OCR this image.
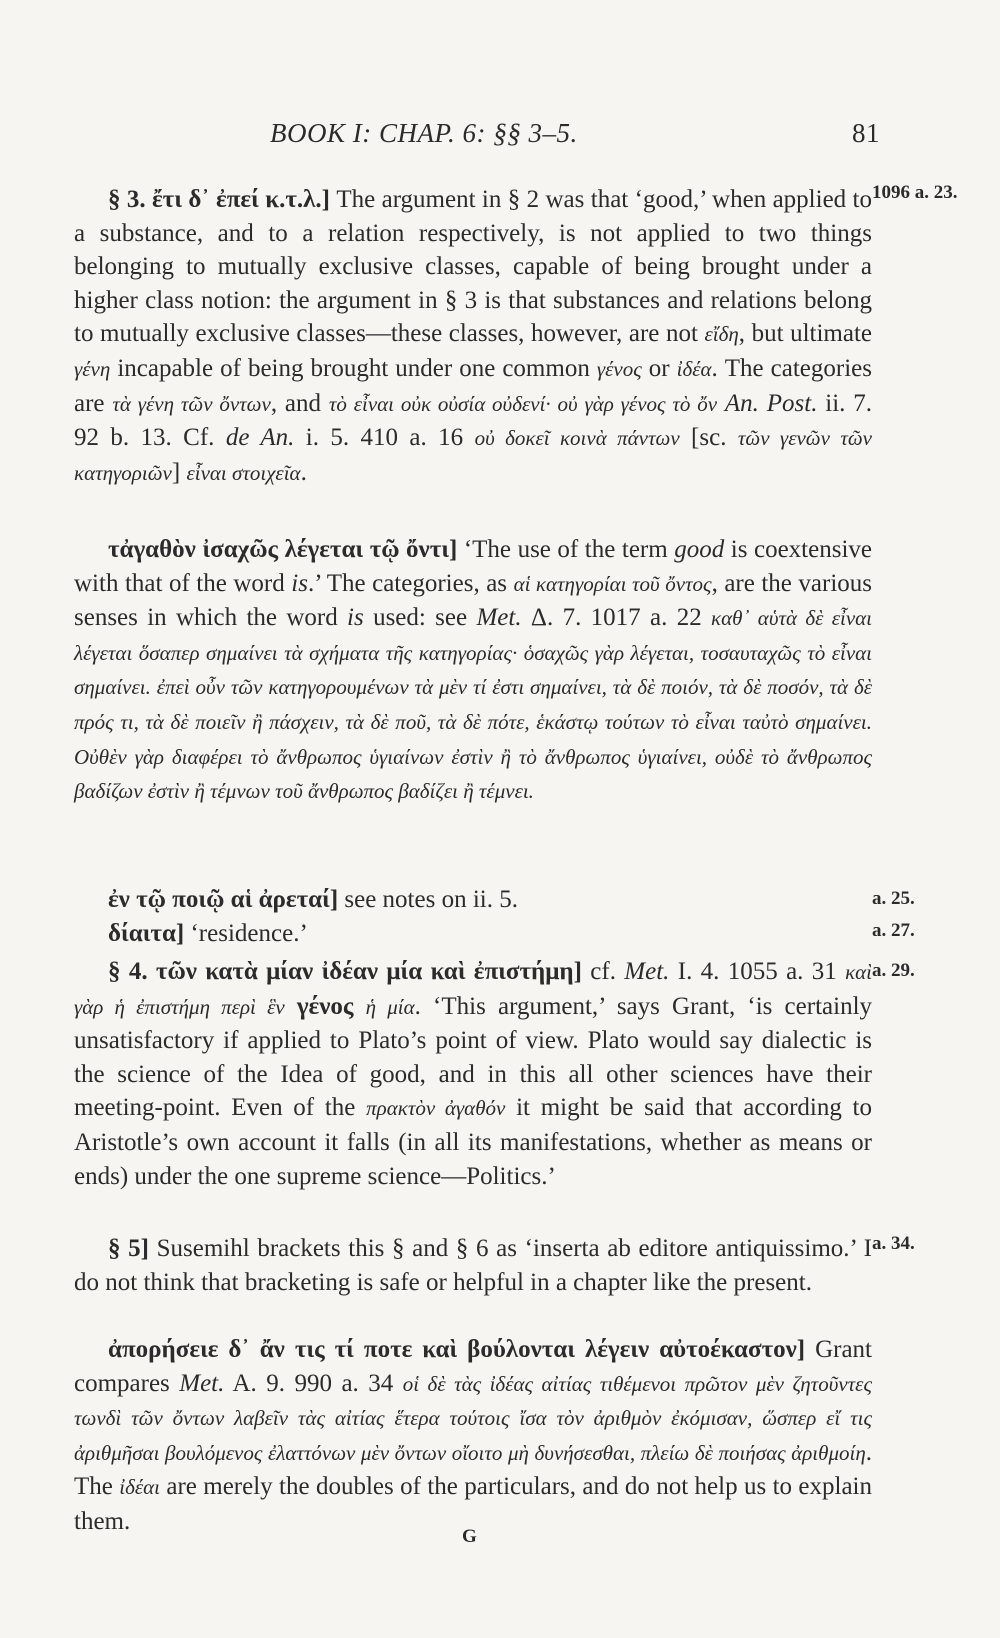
BOOK I: CHAP. 6: §§ 3–5.	81
1096 a. 23.
a. 25.
a. 27.
a. 29.
a. 34.

§ 3. ἔτι δ᾽ ἐπεί κ.τ.λ.] The argument in § 2 was that ‘good,’ when applied to a substance, and to a relation respectively, is not applied to two things belonging to mutually exclusive classes, capable of being brought under a higher class notion: the argument in § 3 is that substances and relations belong to mutually exclusive classes—these classes, however, are not εἴδη, but ultimate γένη incapable of being brought under one common γένος or ἰδέα. The categories are τὰ γένη τῶν ὄντων, and τὸ εἶναι οὐκ οὐσία οὐδενί· οὐ γὰρ γένος τὸ ὄν An. Post. ii. 7. 92 b. 13. Cf. de An. i. 5. 410 a. 16 οὐ δοκεῖ κοινὰ πάντων [sc. τῶν γενῶν τῶν κατηγοριῶν] εἶναι στοιχεῖα.

τἀγαθὸν ἰσαχῶς λέγεται τῷ ὄντι] ‘The use of the term good is coextensive with that of the word is.’ The categories, as αἱ κατηγορίαι τοῦ ὄντος, are the various senses in which the word is used: see Met. Δ. 7. 1017 a. 22 καθ᾽ αὑτὰ δὲ εἶναι λέγεται ὅσαπερ σημαίνει τὰ σχήματα τῆς κατηγορίας· ὁσαχῶς γὰρ λέγεται, τοσαυταχῶς τὸ εἶναι σημαίνει. ἐπεὶ οὖν τῶν κατηγορουμένων τὰ μὲν τί ἐστι σημαίνει, τὰ δὲ ποιόν, τὰ δὲ ποσόν, τὰ δὲ πρός τι, τὰ δὲ ποιεῖν ἢ πάσχειν, τὰ δὲ ποῦ, τὰ δὲ πότε, ἑκάστῳ τούτων τὸ εἶναι ταὐτὸ σημαίνει. Οὐθὲν γὰρ διαφέρει τὸ ἄνθρωπος ὑγιαίνων ἐστὶν ἢ τὸ ἄνθρωπος ὑγιαίνει, οὐδὲ τὸ ἄνθρωπος βαδίζων ἐστὶν ἢ τέμνων τοῦ ἄνθρωπος βαδίζει ἢ τέμνει.

ἐν τῷ ποιῷ αἱ ἀρεταί] see notes on ii. 5.

δίαιτα] ‘residence.’

§ 4. τῶν κατὰ μίαν ἰδέαν μία καὶ ἐπιστήμη] cf. Met. I. 4. 1055 a. 31 καὶ γὰρ ἡ ἐπιστήμη περὶ ἓν γένος ἡ μία. ‘This argument,’ says Grant, ‘is certainly unsatisfactory if applied to Plato’s point of view. Plato would say dialectic is the science of the Idea of good, and in this all other sciences have their meeting-point. Even of the πρακτὸν ἀγαθόν it might be said that according to Aristotle’s own account it falls (in all its manifestations, whether as means or ends) under the one supreme science—Politics.’

§ 5] Susemihl brackets this § and § 6 as ‘inserta ab editore antiquissimo.’ I do not think that bracketing is safe or helpful in a chapter like the present.

ἀπορήσειε δ᾽ ἄν τις τί ποτε καὶ βούλονται λέγειν αὐτοέκαστον] Grant compares Met. A. 9. 990 a. 34 οἱ δὲ τὰς ἰδέας αἰτίας τιθέμενοι πρῶτον μὲν ζητοῦντες τωνδὶ τῶν ὄντων λαβεῖν τὰς αἰτίας ἕτερα τούτοις ἴσα τὸν ἀριθμὸν ἐκόμισαν, ὥσπερ εἴ τις ἀριθμῆσαι βουλόμενος ἐλαττόνων μὲν ὄντων οἴοιτο μὴ δυνήσεσθαι, πλείω δὲ ποιήσας ἀριθμοίη. The ἰδέαι are merely the doubles of the particulars, and do not help us to explain them.

G
